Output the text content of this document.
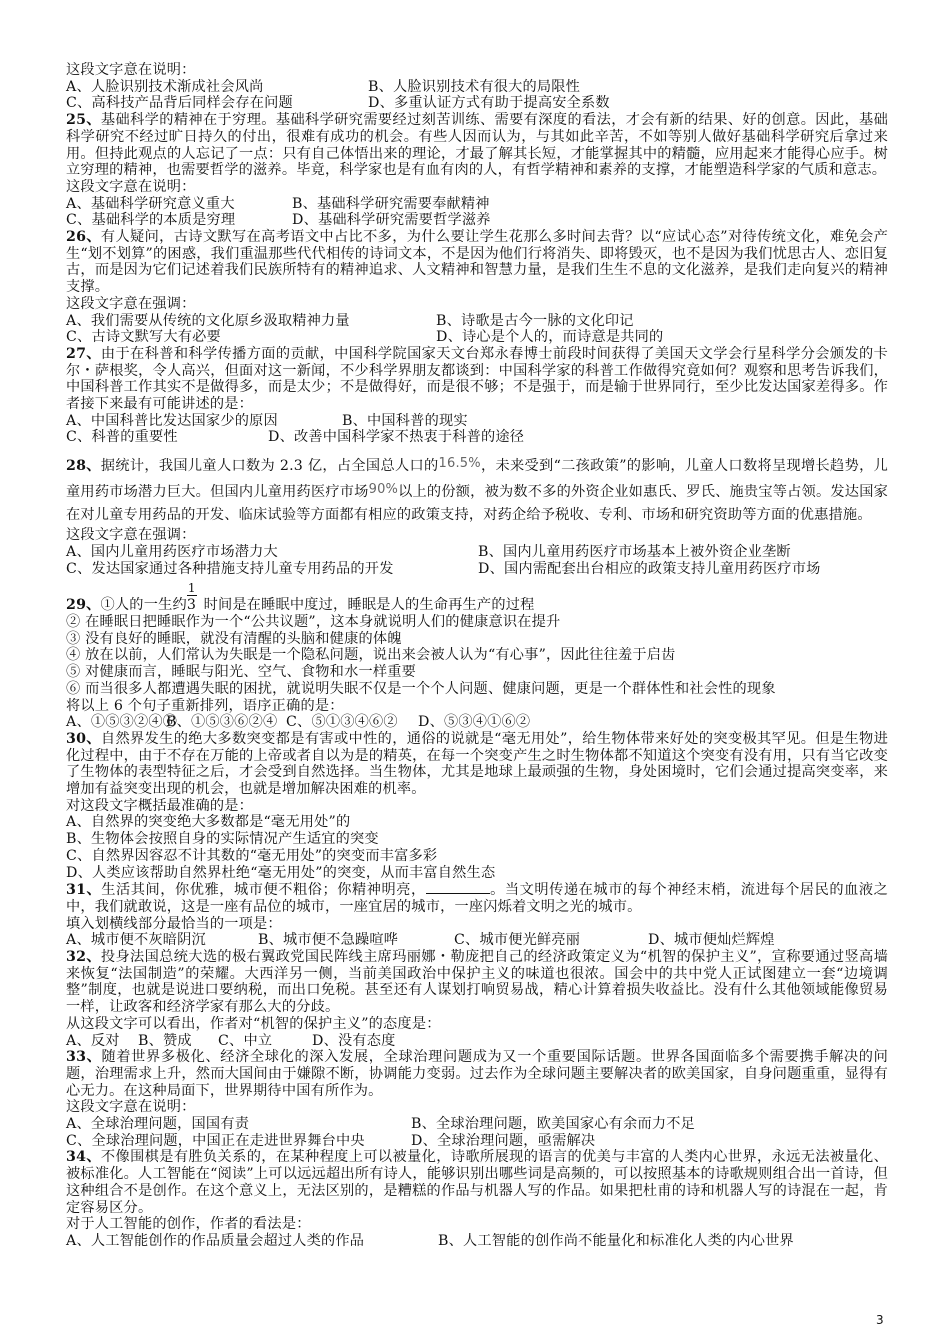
这段文字意在说明：

A、人脸识别技术渐成社会风尚	B、人脸识别技术有很大的局限性
C、高科技产品背后同样会存在问题	D、多重认证方式有助于提高安全系数

25、基础科学的精神在于穷理。基础科学研究需要经过刻苦训练、需要有深度的看法，才会有新的结果、好的创意。因此，基础科学研究不经过旷日持久的付出，很难有成功的机会。有些人因而认为，与其如此辛苦，不如等别人做好基础科学研究后拿过来用。但持此观点的人忘记了一点：只有自己体悟出来的理论，才最了解其长短，才能掌握其中的精髓，应用起来才能得心应手。树立穷理的精神，也需要哲学的滋养。毕竟，科学家也是有血有肉的人，有哲学精神和素养的支撑，才能塑造科学家的气质和意志。

这段文字意在说明：

A、基础科学研究意义重大	B、基础科学研究需要奉献精神
C、基础科学的本质是穷理	D、基础科学研究需要哲学滋养

26、有人疑问，古诗文默写在高考语文中占比不多，为什么要让学生花那么多时间去背？以“应试心态”对待传统文化，难免会产生“划不划算”的困惑，我们重温那些代代相传的诗词文本，不是因为他们行将消失、即将毁灭，也不是因为我们忧思古人、恋旧复古，而是因为它们记述着我们民族所特有的精神追求、人文精神和智慧力量，是我们生生不息的文化滋养，是我们走向复兴的精神支撑。

这段文字意在强调：

A、我们需要从传统的文化原乡汲取精神力量	B、诗歌是古今一脉的文化印记
C、古诗文默写大有必要	D、诗心是个人的，而诗意是共同的

27、由于在科普和科学传播方面的贡献，中国科学院国家天文台郑永春博士前段时间获得了美国天文学会行星科学分会颁发的卡尔・萨根奖，令人高兴，但面对这一新闻，不少科学界朋友都谈到：中国科学家的科普工作做得究竟如何？观察和思考告诉我们，中国科普工作其实不是做得多，而是太少；不是做得好，而是很不够；不是强于，而是输于世界同行，至少比发达国家差得多。作者接下来最有可能讲述的是：

A、中国科普比发达国家少的原因	B、中国科普的现实
C、科普的重要性	D、改善中国科学家不热衷于科普的途径

28、据统计，我国儿童人口数为 2.3 亿，占全国总人口的16.5%，未来受到“二孩政策”的影响，儿童人口数将呈现增长趋势，儿童用药市场潜力巨大。但国内儿童用药医疗市场90%以上的份额，被为数不多的外资企业如惠氏、罗氏、施贵宝等占领。发达国家在对儿童专用药品的开发、临床试验等方面都有相应的政策支持，对药企给予税收、专利、市场和研究资助等方面的优惠措施。

这段文字意在强调：

A、国内儿童用药医疗市场潜力大	B、国内儿童用药医疗市场基本上被外资企业垄断
C、发达国家通过各种措施支持儿童专用药品的开发	D、国内需配套出台相应的政策支持儿童用药医疗市场

29、①人的一生约 $\frac{1}{3}$ 时间是在睡眠中度过，睡眠是人的生命再生产的过程

② 在睡眠日把睡眠作为一个“公共议题”，这本身就说明人们的健康意识在提升

③ 没有良好的睡眠，就没有清醒的头脑和健康的体魄

④ 放在以前，人们常认为失眠是一个隐私问题，说出来会被人认为“有心事”，因此往往羞于启齿

⑤ 对健康而言，睡眠与阳光、空气、食物和水一样重要

⑥ 而当很多人都遭遇失眠的困扰，就说明失眠不仅是一个个人问题、健康问题，更是一个群体性和社会性的现象

将以上 6 个句子重新排列，语序正确的是：

A、①⑤③②④⑥
B、①⑤③⑥②④ C、⑤①③④⑥②	D、⑤③④①⑥②

30、自然界发生的绝大多数突变都是有害或中性的，通俗的说就是“毫无用处”，给生物体带来好处的突变极其罕见。但是生物进化过程中，由于不存在万能的上帝或者自以为是的精英，在每一个突变产生之时生物体都不知道这个突变有没有用，只有当它改变了生物体的表型特征之后，才会受到自然选择。当生物体，尤其是地球上最顽强的生物，身处困境时，它们会通过提高突变率，来增加有益突变出现的机会，也就是增加解决困难的机率。

对这段文字概括最准确的是：

A、自然界的突变绝大多数都是“毫无用处”的

B、生物体会按照自身的实际情况产生适宜的突变

C、自然界因容忍不计其数的“毫无用处”的突变而丰富多彩

D、人类应该帮助自然界杜绝“毫无用处”的突变，从而丰富自然生态

31、生活其间，你优雅，城市便不粗俗；你精神明亮，	。当文明传递在城市的每个神经末梢，流进每个居民的血液之中，我们就敢说，这是一座有品位的城市，一座宜居的城市，一座闪烁着文明之光的城市。

填入划横线部分最恰当的一项是：

A、城市便不灰暗阴沉	B、城市便不急躁喧哗	C、城市便光鲜亮丽	D、城市便灿烂辉煌

32、投身法国总统大选的极右翼政党国民阵线主席玛丽娜・勒庞把自己的经济政策定义为“机智的保护主义”，宣称要通过竖高墙来恢复“法国制造”的荣耀。大西洋另一侧，当前美国政治中保护主义的味道也很浓。国会中的共中党人正试图建立一套“边境调整”制度，也就是说进口要纳税，而出口免税。甚至还有人谋划打响贸易战，精心计算着损失收益比。没有什么其他领域能像贸易一样，让政客和经济学家有那么大的分歧。

从这段文字可以看出，作者对“机智的保护主义”的态度是：

A、反对	B、赞成	C、中立	D、没有态度

33、随着世界多极化、经济全球化的深入发展，全球治理问题成为又一个重要国际话题。世界各国面临多个需要携手解决的问题，治理需求上升，然而大国间由于嫌隙不断，协调能力变弱。过去作为全球问题主要解决者的欧美国家，自身问题重重，显得有心无力。在这种局面下，世界期待中国有所作为。

这段文字意在说明：

A、全球治理问题，国国有责	B、全球治理问题，欧美国家心有余而力不足
C、全球治理问题，中国正在走进世界舞台中央	D、全球治理问题，亟需解决

34、不像围棋是有胜负关系的，在某种程度上可以被量化，诗歌所展现的语言的优美与丰富的人类内心世界，永远无法被量化、被标准化。人工智能在“阅读”上可以远远超出所有诗人，能够识别出哪些词是高频的，可以按照基本的诗歌规则组合出一首诗，但这种组合不是创作。在这个意义上，无法区别的，是糟糕的作品与机器人写的作品。如果把杜甫的诗和机器人写的诗混在一起，肯定容易区分。

对于人工智能的创作，作者的看法是：

A、人工智能创作的作品质量会超过人类的作品	B、人工智能的创作尚不能量化和标准化人类的内心世界
3
